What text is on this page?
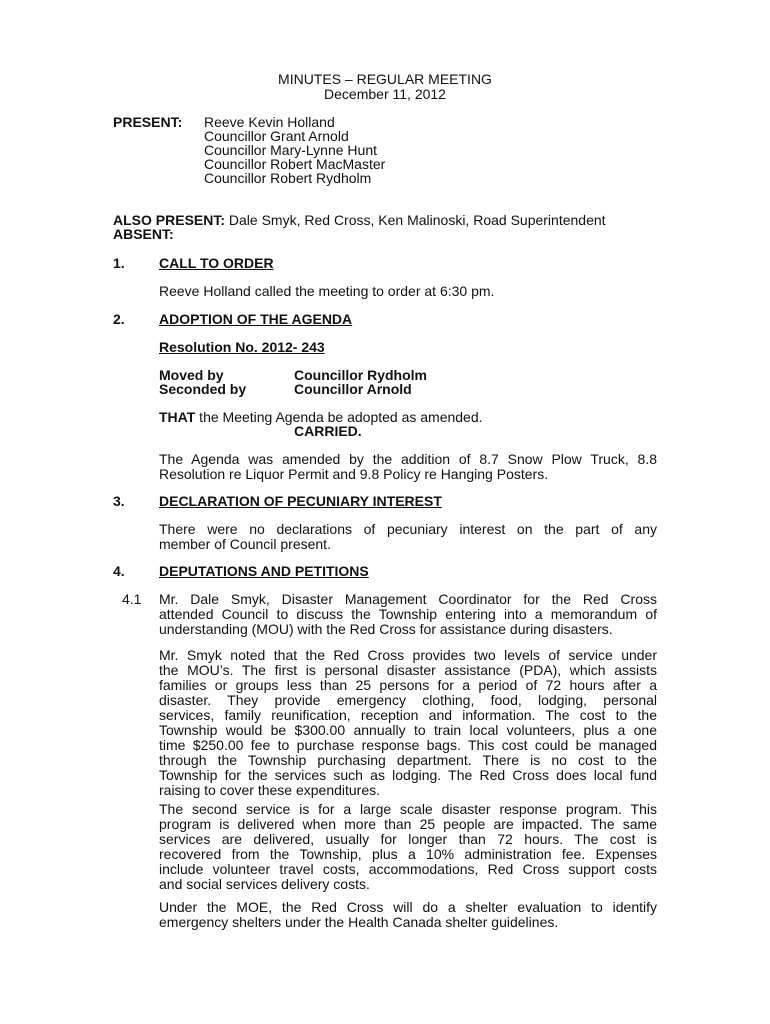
MINUTES – REGULAR MEETING
December 11, 2012
PRESENT: Reeve Kevin Holland
Councillor Grant Arnold
Councillor Mary-Lynne Hunt
Councillor Robert MacMaster
Councillor Robert Rydholm
ALSO PRESENT: Dale Smyk, Red Cross, Ken Malinoski, Road Superintendent
ABSENT:
1. CALL TO ORDER
Reeve Holland called the meeting to order at 6:30 pm.
2. ADOPTION OF THE AGENDA
Resolution No. 2012- 243
Moved by	Councillor Rydholm
Seconded by	Councillor Arnold
THAT the Meeting Agenda be adopted as amended.
CARRIED.

The Agenda was amended by the addition of 8.7 Snow Plow Truck, 8.8

Resolution re Liquor Permit and 9.8 Policy re Hanging Posters.

3. DECLARATION OF PECUNIARY INTEREST

There were no declarations of pecuniary interest on the part of any

member of Council present.

4. DEPUTATIONS AND PETITIONS
4.1 Mr. Dale Smyk, Disaster Management Coordinator for the Red Cross

attended Council to discuss the Township entering into a memorandum of

understanding (MOU) with the Red Cross for assistance during disasters.

Mr. Smyk noted that the Red Cross provides two levels of service under

the MOU’s. The first is personal disaster assistance (PDA), which assists

families or groups less than 25 persons for a period of 72 hours after a

disaster. They provide emergency clothing, food, lodging, personal

services, family reunification, reception and information. The cost to the

Township would be $300.00 annually to train local volunteers, plus a one

time $250.00 fee to purchase response bags. This cost could be managed

through the Township purchasing department. There is no cost to the

Township for the services such as lodging. The Red Cross does local fund

raising to cover these expenditures.

The second service is for a large scale disaster response program. This

program is delivered when more than 25 people are impacted. The same

services are delivered, usually for longer than 72 hours. The cost is

recovered from the Township, plus a 10% administration fee. Expenses

include volunteer travel costs, accommodations, Red Cross support costs

and social services delivery costs.

Under the MOE, the Red Cross will do a shelter evaluation to identify

emergency shelters under the Health Canada shelter guidelines.
